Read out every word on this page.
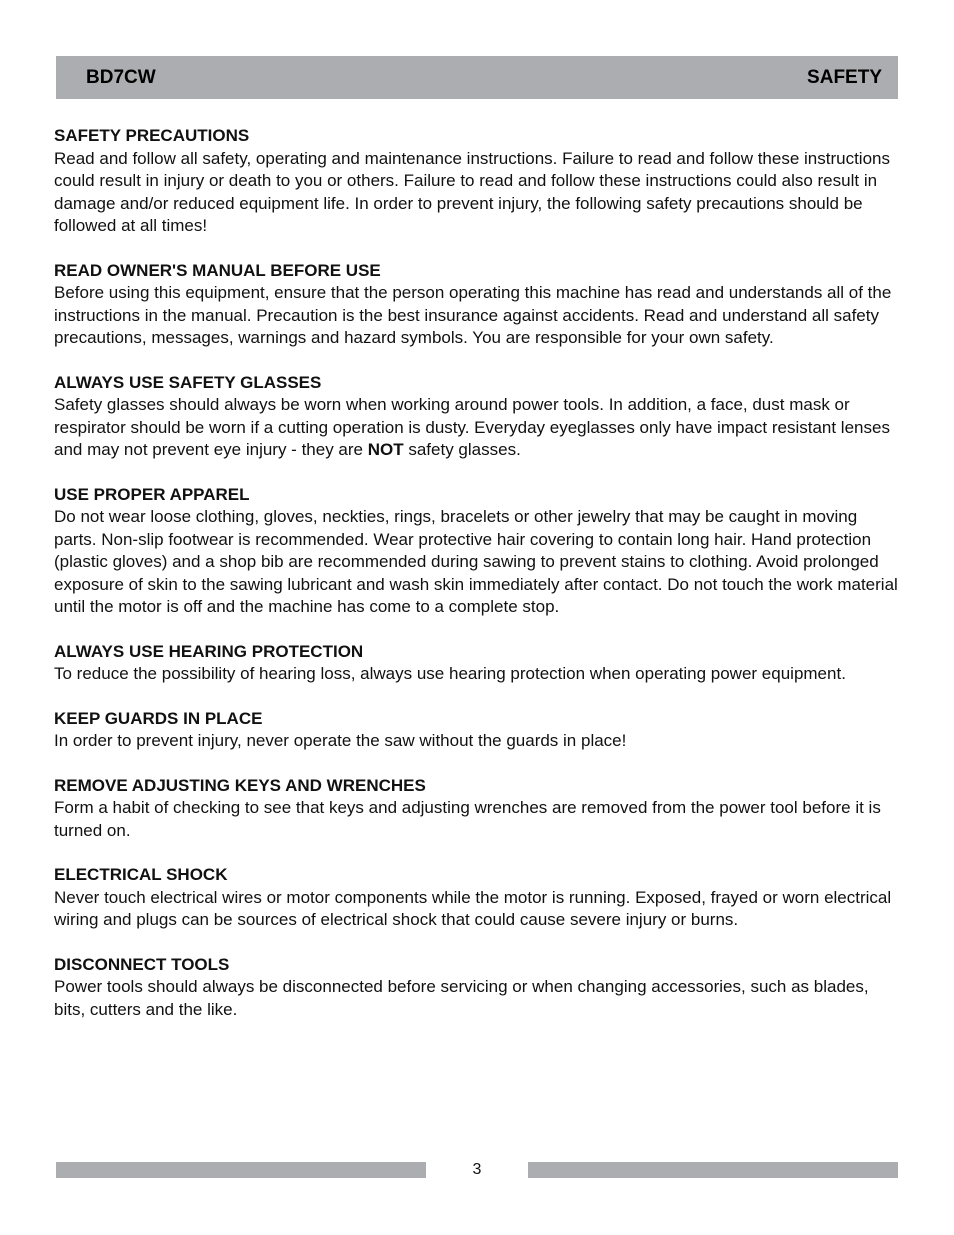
BD7CW	SAFETY
SAFETY PRECAUTIONS

Read and follow all safety, operating and maintenance instructions. Failure to read and follow these instructions could result in injury or death to you or others. Failure to read and follow these instructions could also result in damage and/or reduced equipment life. In order to prevent injury, the following safety precautions should be followed at all times!

READ OWNER'S MANUAL BEFORE USE

Before using this equipment, ensure that the person operating this machine has read and understands all of the instructions in the manual. Precaution is the best insurance against accidents. Read and understand all safety precautions, messages, warnings and hazard symbols. You are responsible for your own safety.

ALWAYS USE SAFETY GLASSES

Safety glasses should always be worn when working around power tools. In addition, a face, dust mask or respirator should be worn if a cutting operation is dusty. Everyday eyeglasses only have impact resistant lenses and may not prevent eye injury - they are NOT safety glasses.

USE PROPER APPAREL

Do not wear loose clothing, gloves, neckties, rings, bracelets or other jewelry that may be caught in moving parts. Non-slip footwear is recommended. Wear protective hair covering to contain long hair. Hand protection (plastic gloves) and a shop bib are recommended during sawing to prevent stains to clothing. Avoid prolonged exposure of skin to the sawing lubricant and wash skin immediately after contact. Do not touch the work material until the motor is off and the machine has come to a complete stop.

ALWAYS USE HEARING PROTECTION

To reduce the possibility of hearing loss, always use hearing protection when operating power equipment.

KEEP GUARDS IN PLACE

In order to prevent injury, never operate the saw without the guards in place!

REMOVE ADJUSTING KEYS AND WRENCHES

Form a habit of checking to see that keys and adjusting wrenches are removed from the power tool before it is turned on.

ELECTRICAL SHOCK

Never touch electrical wires or motor components while the motor is running. Exposed, frayed or worn electrical wiring and plugs can be sources of electrical shock that could cause severe injury or burns.

DISCONNECT TOOLS

Power tools should always be disconnected before servicing or when changing accessories, such as blades, bits, cutters and the like.

3
